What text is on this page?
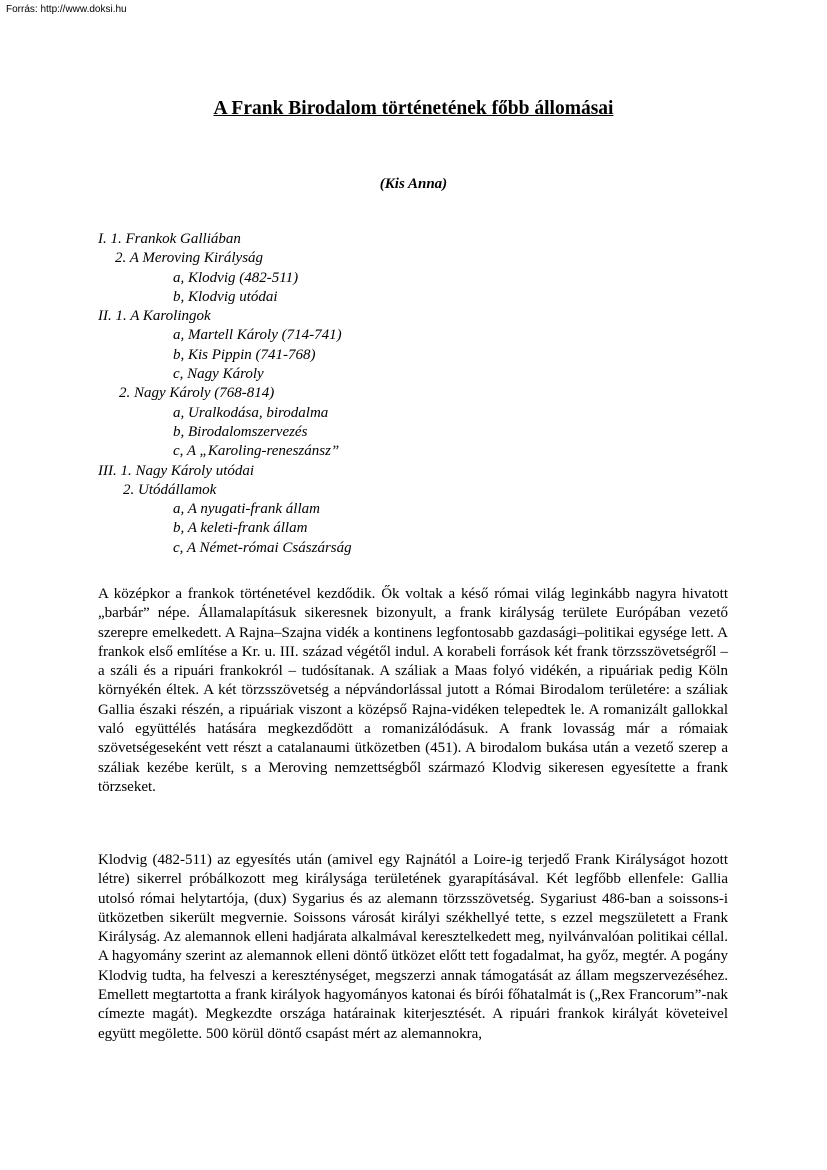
Forrás: http://www.doksi.hu
A Frank Birodalom történetének főbb állomásai
(Kis Anna)
I. 1. Frankok Galliában
2. A Meroving Királyság
a, Klodvig (482-511)
b, Klodvig utódai
II. 1. A Karolingok
a, Martell Károly (714-741)
b, Kis Pippin (741-768)
c, Nagy Károly
2. Nagy Károly (768-814)
a, Uralkodása, birodalma
b, Birodalomszervezés
c, A „Karoling-reneszánsz”
III. 1. Nagy Károly utódai
2. Utódállamok
a, A nyugati-frank állam
b, A keleti-frank állam
c, A Német-római Császárság

A középkor a frankok történetével kezdődik. Ők voltak a késő római világ leginkább nagyra hivatott „barbár” népe. Államalapításuk sikeresnek bizonyult, a frank királyság területe Európában vezető szerepre emelkedett. A Rajna–Szajna vidék a kontinens legfontosabb gazdasági–politikai egysége lett. A frankok első említése a Kr. u. III. század végétől indul. A korabeli források két frank törzsszövetségről – a száli és a ripuári frankokról – tudósítanak. A száliak a Maas folyó vidékén, a ripuáriak pedig Köln környékén éltek. A két törzsszövetség a népvándorlással jutott a Római Birodalom területére: a száliak Gallia északi részén, a ripuáriak viszont a középső Rajna-vidéken telepedtek le. A romanizált gallokkal való együttélés hatására megkezdődött a romanizálódásuk. A frank lovasság már a rómaiak szövetségeseként vett részt a catalanaumi ütközetben (451). A birodalom bukása után a vezető szerep a száliak kezébe került, s a Meroving nemzettségből származó Klodvig sikeresen egyesítette a frank törzseket.

Klodvig (482-511) az egyesítés után (amivel egy Rajnától a Loire-ig terjedő Frank Királyságot hozott létre) sikerrel próbálkozott meg királysága területének gyarapításával. Két legfőbb ellenfele: Gallia utolsó római helytartója, (dux) Sygarius és az alemann törzsszövetség. Sygariust 486-ban a soissons-i ütközetben sikerült megvernie. Soissons városát királyi székhellyé tette, s ezzel megszületett a Frank Királyság. Az alemannok elleni hadjárata alkalmával keresztelkedett meg, nyilvánvalóan politikai céllal. A hagyomány szerint az alemannok elleni döntő ütközet előtt tett fogadalmat, ha győz, megtér. A pogány Klodvig tudta, ha felveszi a kereszténységet, megszerzi annak támogatását az állam megszervezéséhez. Emellett megtartotta a frank királyok hagyományos katonai és bírói főhatalmát is („Rex Francorum”-nak címezte magát). Megkezdte országa határainak kiterjesztését. A ripuári frankok királyát követeivel együtt megölette. 500 körül döntő csapást mért az alemannokra,
